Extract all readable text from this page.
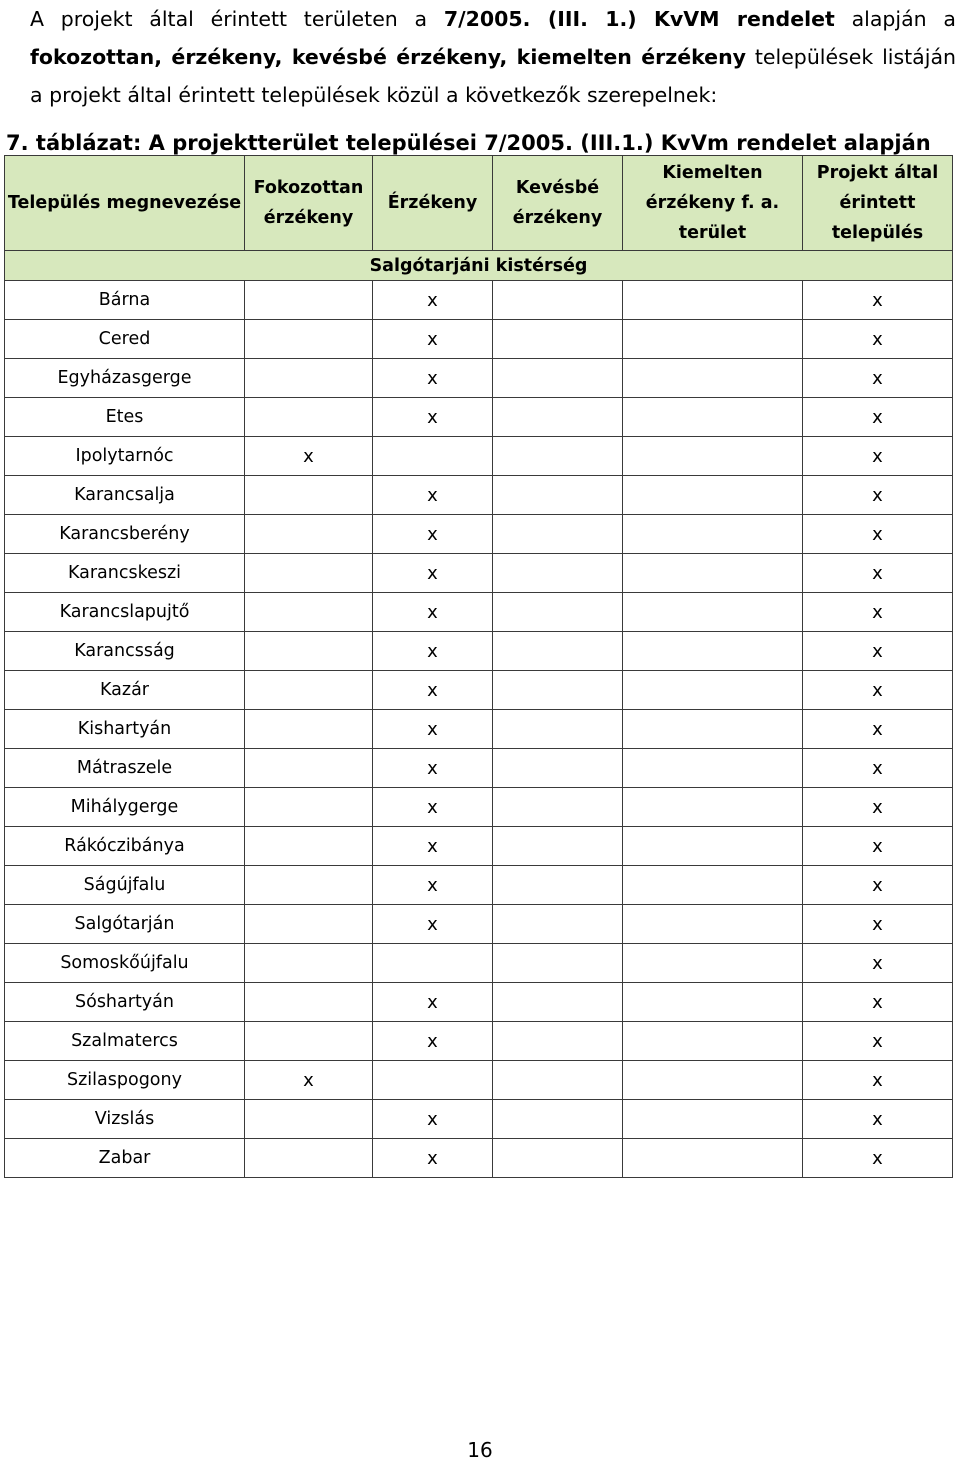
A projekt által érintett területen a 7/2005. (III. 1.) KvVM rendelet alapján a fokozottan, érzékeny, kevésbé érzékeny, kiemelten érzékeny települések listáján a projekt által érintett települések közül a következők szerepelnek:
7. táblázat: A projektterület települései 7/2005. (III.1.) KvVm rendelet alapján
Település megnevezése	Fokozottan érzékeny	Érzékeny	Kevésbé érzékeny	Kiemelten érzékeny f. a. terület	Projekt által érintett település
Salgótarjáni kistérség					
Bárna		x			x
Cered		x			x
Egyházasgerge		x			x
Etes		x			x
Ipolytarnóc	x				x
Karancsalja		x			x
Karancsberény		x			x
Karancskeszi		x			x
Karancslapujtő		x			x
Karancsság		x			x
Kazár		x			x
Kishartyán		x			x
Mátraszele		x			x
Mihálygerge		x			x
Rákóczibánya		x			x
Ságújfalu		x			x
Salgótarján		x			x
Somoskőújfalu					x
Sóshartyán		x			x
Szalmatercs		x			x
Szilaspogony	x				x
Vizslás		x			x
Zabar		x			x
16
